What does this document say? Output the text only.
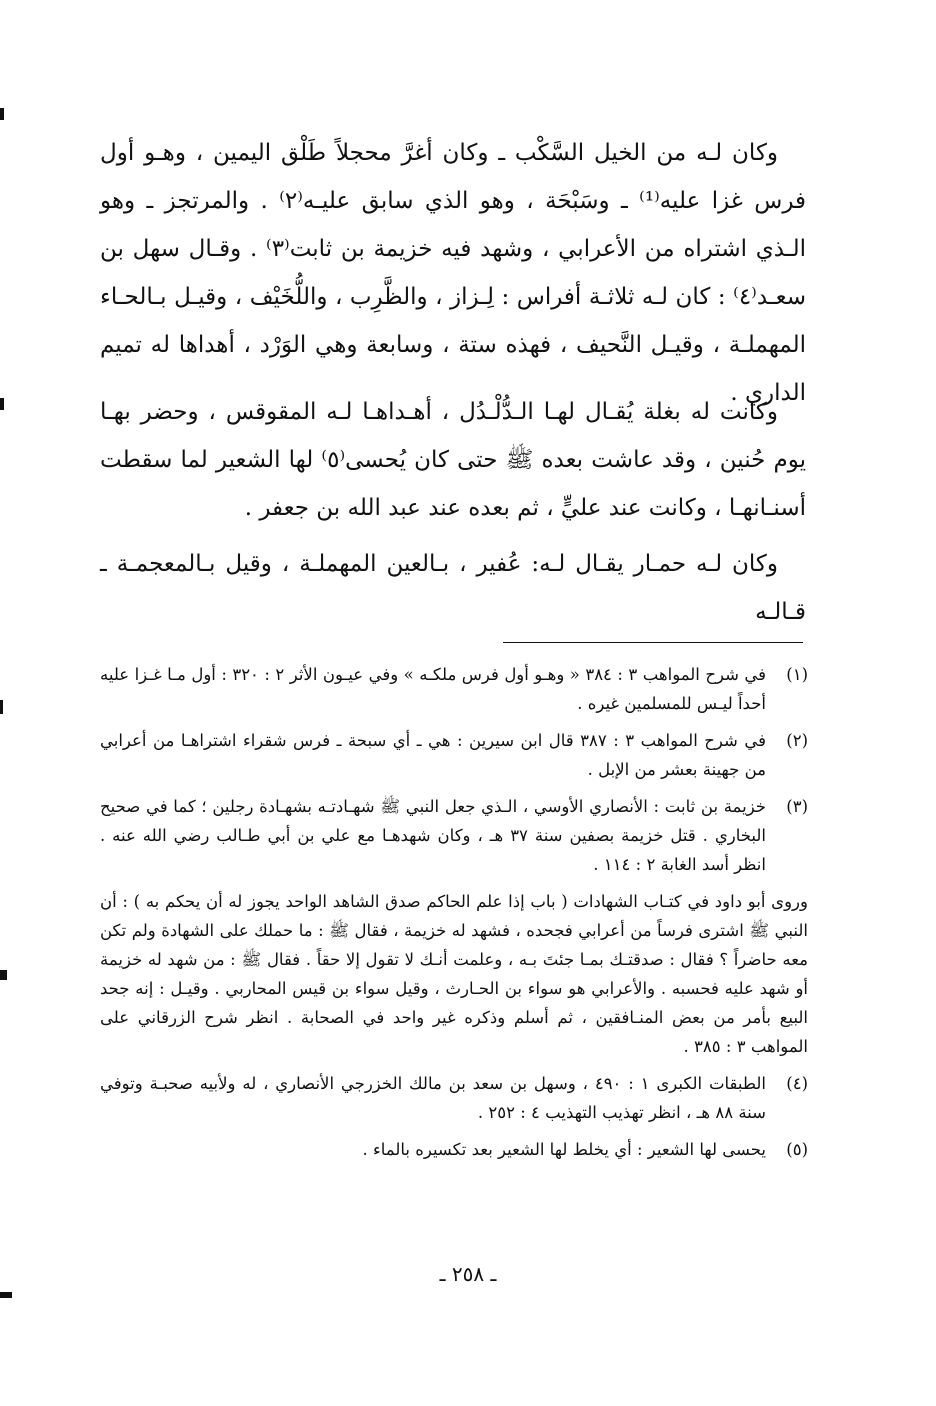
وكان لـه من الخيل السَّكْب ـ وكان أغرَّ محجلاً طَلْق اليمين ، وهـو أول فرس غزا عليه⁽¹⁾ ـ وسَبْحَة ، وهو الذي سابق عليـه⁽٢⁾ . والمرتجز ـ وهو الـذي اشتراه من الأعرابي ، وشهد فيه خزيمة بن ثابت⁽٣⁾ . وقـال سهل بن سعـد⁽٤⁾ : كان لـه ثلاثـة أفراس : لِـزاز ، والظَّرِب ، واللُّخَيْف ، وقيـل بـالحـاء المهملـة ، وقيـل النَّحيف ، فهذه ستة ، وسابعة وهي الوَرْد ، أهداها له تميم الداري .

وكانت له بغلة يُقـال لهـا الـدُّلْـدُل ، أهـداهـا لـه المقوقس ، وحضر بهـا يوم حُنين ، وقد عاشت بعده ﷺ حتى كان يُحسى⁽٥⁾ لها الشعير لما سقطت أسنـانهـا ، وكانت عند عليٍّ ، ثم بعده عند عبد الله بن جعفر .

وكان لـه حمـار يقـال لـه: عُفير ، بـالعين المهملـة ، وقيل بـالمعجمـة ـ قـالـه

(١)
في شرح المواهب ٣ : ٣٨٤ « وهـو أول فرس ملكـه » وفي عيـون الأثر ٢ : ٣٢٠ : أول مـا غـزا عليه أحداً ليـس للمسلمين غيره .
(٢)
في شرح المواهب ٣ : ٣٨٧ قال ابن سيرين : هي ـ أي سبحة ـ فرس شقراء اشتراهـا من أعرابي من جهينة بعشر من الإبل .
(٣)
خزيمة بن ثابت : الأنصاري الأوسي ، الـذي جعل النبي ﷺ شهـادتـه بشهـادة رجلين ؛ كما في صحيح البخاري . قتل خزيمة بصفين سنة ٣٧ هـ ، وكان شهدهـا مع علي بن أبي طـالب رضي الله عنه . انظر أسد الغابة ٢ : ١١٤ .
وروى أبو داود في كتـاب الشهادات ( باب إذا علم الحاكم صدق الشاهد الواحد يجوز له أن يحكم به ) : أن النبي ﷺ اشترى فرساً من أعرابي فجحده ، فشهد له خزيمة ، فقال ﷺ : ما حملك على الشهادة ولم تكن معه حاضراً ؟ فقال : صدقتـك بمـا جئتَ بـه ، وعلمت أنـك لا تقول إلا حقاً . فقال ﷺ : من شهد له خزيمة أو شهد عليه فحسبه . والأعرابي هو سواء بن الحـارث ، وقيل سواء بن قيس المحاربي . وقيـل : إنه جحد البيع بأمر من بعض المنـافقين ، ثم أسلم وذكره غير واحد في الصحابة . انظر شرح الزرقاني على المواهب ٣ : ٣٨٥ .
(٤)
الطبقات الكبرى ١ : ٤٩٠ ، وسهل بن سعد بن مالك الخزرجي الأنصاري ، له ولأبيه صحبـة وتوفي سنة ٨٨ هـ ، انظر تهذيب التهذيب ٤ : ٢٥٢ .
(٥)
يحسى لها الشعير : أي يخلط لها الشعير بعد تكسيره بالماء .
ـ ٢٥٨ ـ
